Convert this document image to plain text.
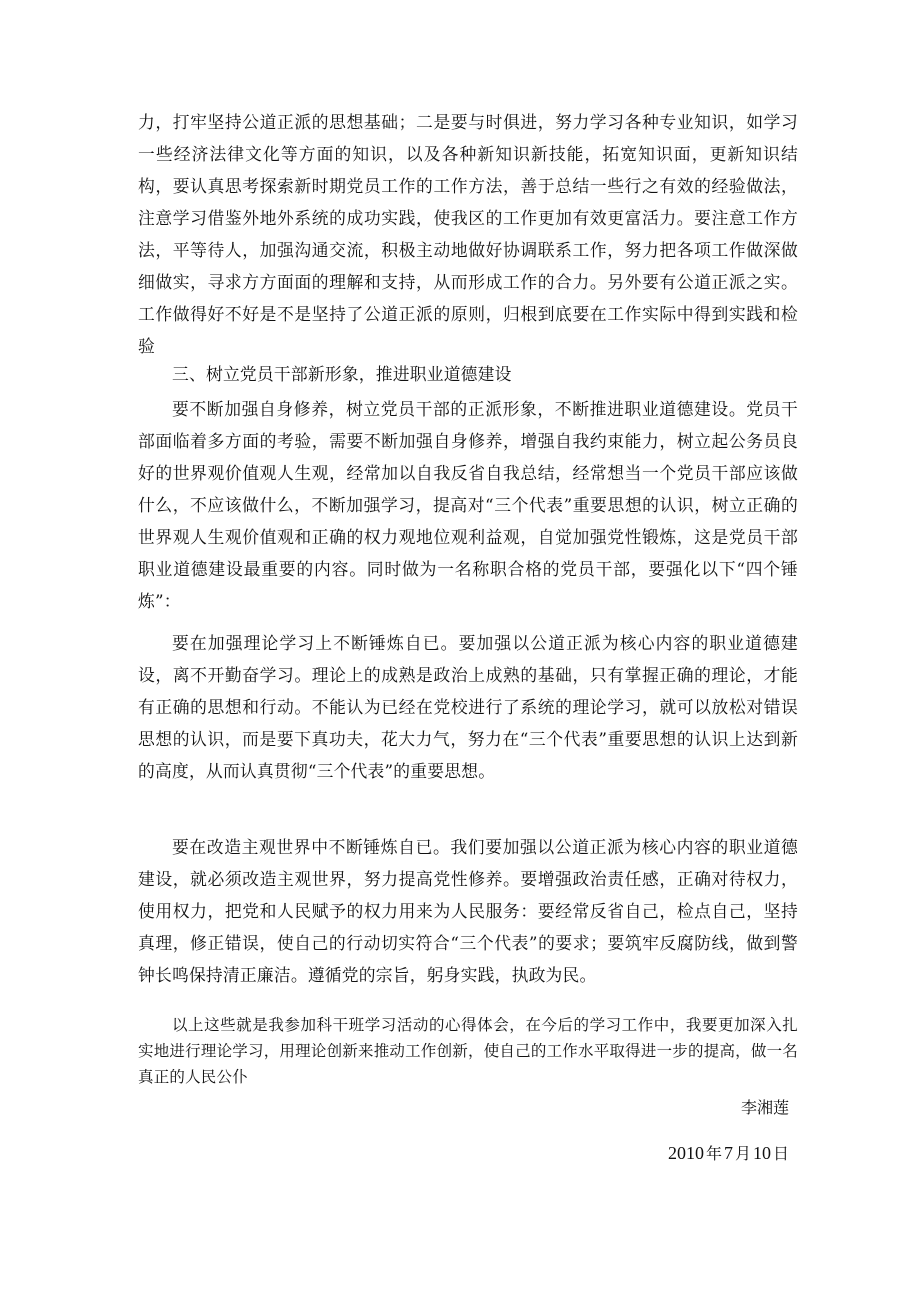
力，打牢坚持公道正派的思想基础；二是要与时俱进，努力学习各种专业知识，如学习一些经济法律文化等方面的知识，以及各种新知识新技能，拓宽知识面，更新知识结构，要认真思考探索新时期党员工作的工作方法，善于总结一些行之有效的经验做法，注意学习借鉴外地外系统的成功实践，使我区的工作更加有效更富活力。要注意工作方法，平等待人，加强沟通交流，积极主动地做好协调联系工作，努力把各项工作做深做细做实，寻求方方面面的理解和支持，从而形成工作的合力。另外要有公道正派之实。工作做得好不好是不是坚持了公道正派的原则，归根到底要在工作实际中得到实践和检验
三、树立党员干部新形象，推进职业道德建设
要不断加强自身修养，树立党员干部的正派形象，不断推进职业道德建设。党员干部面临着多方面的考验，需要不断加强自身修养，增强自我约束能力，树立起公务员良好的世界观价值观人生观，经常加以自我反省自我总结，经常想当一个党员干部应该做什么，不应该做什么，不断加强学习，提高对“三个代表”重要思想的认识，树立正确的世界观人生观价值观和正确的权力观地位观利益观，自觉加强党性锻炼，这是党员干部职业道德建设最重要的内容。同时做为一名称职合格的党员干部，要强化以下“四个锤炼”：
要在加强理论学习上不断锤炼自已。要加强以公道正派为核心内容的职业道德建设，离不开勤奋学习。理论上的成熟是政治上成熟的基础，只有掌握正确的理论，才能有正确的思想和行动。不能认为已经在党校进行了系统的理论学习，就可以放松对错误思想的认识，而是要下真功夫，花大力气，努力在“三个代表”重要思想的认识上达到新的高度，从而认真贯彻“三个代表”的重要思想。
要在改造主观世界中不断锤炼自已。我们要加强以公道正派为核心内容的职业道德建设，就必须改造主观世界，努力提高党性修养。要增强政治责任感，正确对待权力，使用权力，把党和人民赋予的权力用来为人民服务：要经常反省自己，检点自己，坚持真理，修正错误，使自己的行动切实符合“三个代表”的要求；要筑牢反腐防线，做到警钟长鸣保持清正廉洁。遵循党的宗旨，躬身实践，执政为民。
以上这些就是我参加科干班学习活动的心得体会，在今后的学习工作中，我要更加深入扎实地进行理论学习，用理论创新来推动工作创新，使自己的工作水平取得进一步的提高，做一名真正的人民公仆
李湘莲
2010 年 7 月 10 日
